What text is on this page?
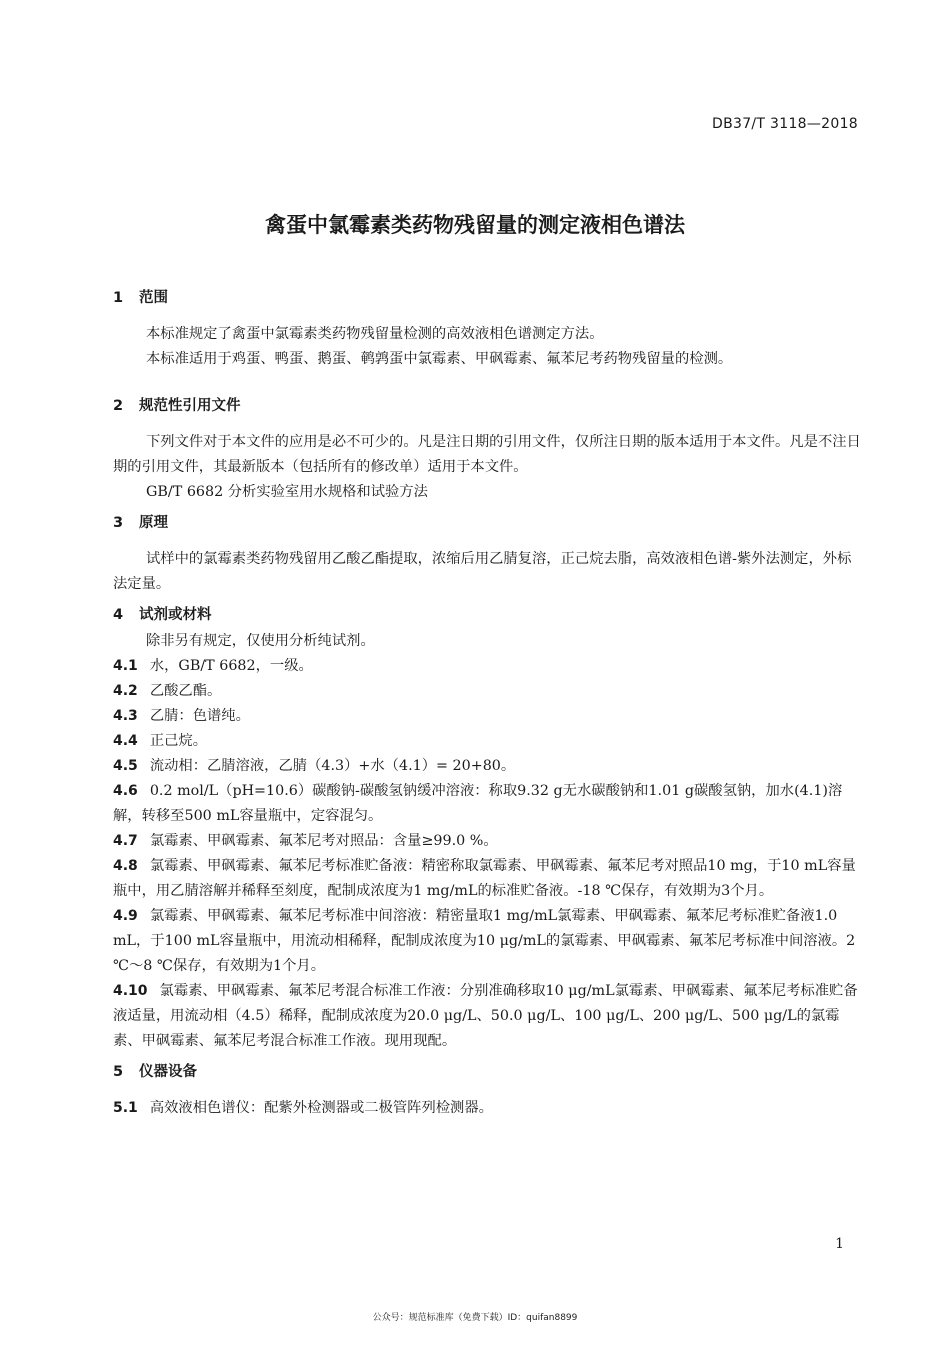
DB37/T 3118—2018
禽蛋中氯霉素类药物残留量的测定液相色谱法
1 范围
本标准规定了禽蛋中氯霉素类药物残留量检测的高效液相色谱测定方法。
本标准适用于鸡蛋、鸭蛋、鹅蛋、鹌鹑蛋中氯霉素、甲砜霉素、氟苯尼考药物残留量的检测。
2 规范性引用文件
下列文件对于本文件的应用是必不可少的。凡是注日期的引用文件，仅所注日期的版本适用于本文件。凡是不注日期的引用文件，其最新版本（包括所有的修改单）适用于本文件。
GB/T 6682 分析实验室用水规格和试验方法
3 原理
试样中的氯霉素类药物残留用乙酸乙酯提取，浓缩后用乙腈复溶，正己烷去脂，高效液相色谱-紫外法测定，外标法定量。
4 试剂或材料
除非另有规定，仅使用分析纯试剂。
4.1 水，GB/T 6682，一级。
4.2 乙酸乙酯。
4.3 乙腈：色谱纯。
4.4 正己烷。
4.5 流动相：乙腈溶液，乙腈（4.3）+水（4.1）= 20+80。
4.6 0.2 mol/L（pH=10.6）碳酸钠-碳酸氢钠缓冲溶液：称取9.32 g无水碳酸钠和1.01 g碳酸氢钠，加水(4.1)溶解，转移至500 mL容量瓶中，定容混匀。
4.7 氯霉素、甲砜霉素、氟苯尼考对照品：含量≥99.0 %。
4.8 氯霉素、甲砜霉素、氟苯尼考标准贮备液：精密称取氯霉素、甲砜霉素、氟苯尼考对照品10 mg，于10 mL容量瓶中，用乙腈溶解并稀释至刻度，配制成浓度为1 mg/mL的标准贮备液。-18 ℃保存，有效期为3个月。
4.9 氯霉素、甲砜霉素、氟苯尼考标准中间溶液：精密量取1 mg/mL氯霉素、甲砜霉素、氟苯尼考标准贮备液1.0 mL，于100 mL容量瓶中，用流动相稀释，配制成浓度为10 μg/mL的氯霉素、甲砜霉素、氟苯尼考标准中间溶液。2 ℃～8 ℃保存，有效期为1个月。
4.10 氯霉素、甲砜霉素、氟苯尼考混合标准工作液：分别准确移取10 μg/mL氯霉素、甲砜霉素、氟苯尼考标准贮备液适量，用流动相（4.5）稀释，配制成浓度为20.0 μg/L、50.0 μg/L、100 μg/L、200 μg/L、500 μg/L的氯霉素、甲砜霉素、氟苯尼考混合标准工作液。现用现配。
5 仪器设备
5.1 高效液相色谱仪：配紫外检测器或二极管阵列检测器。
1
公众号：规范标准库（免费下载）ID：quifan8899
